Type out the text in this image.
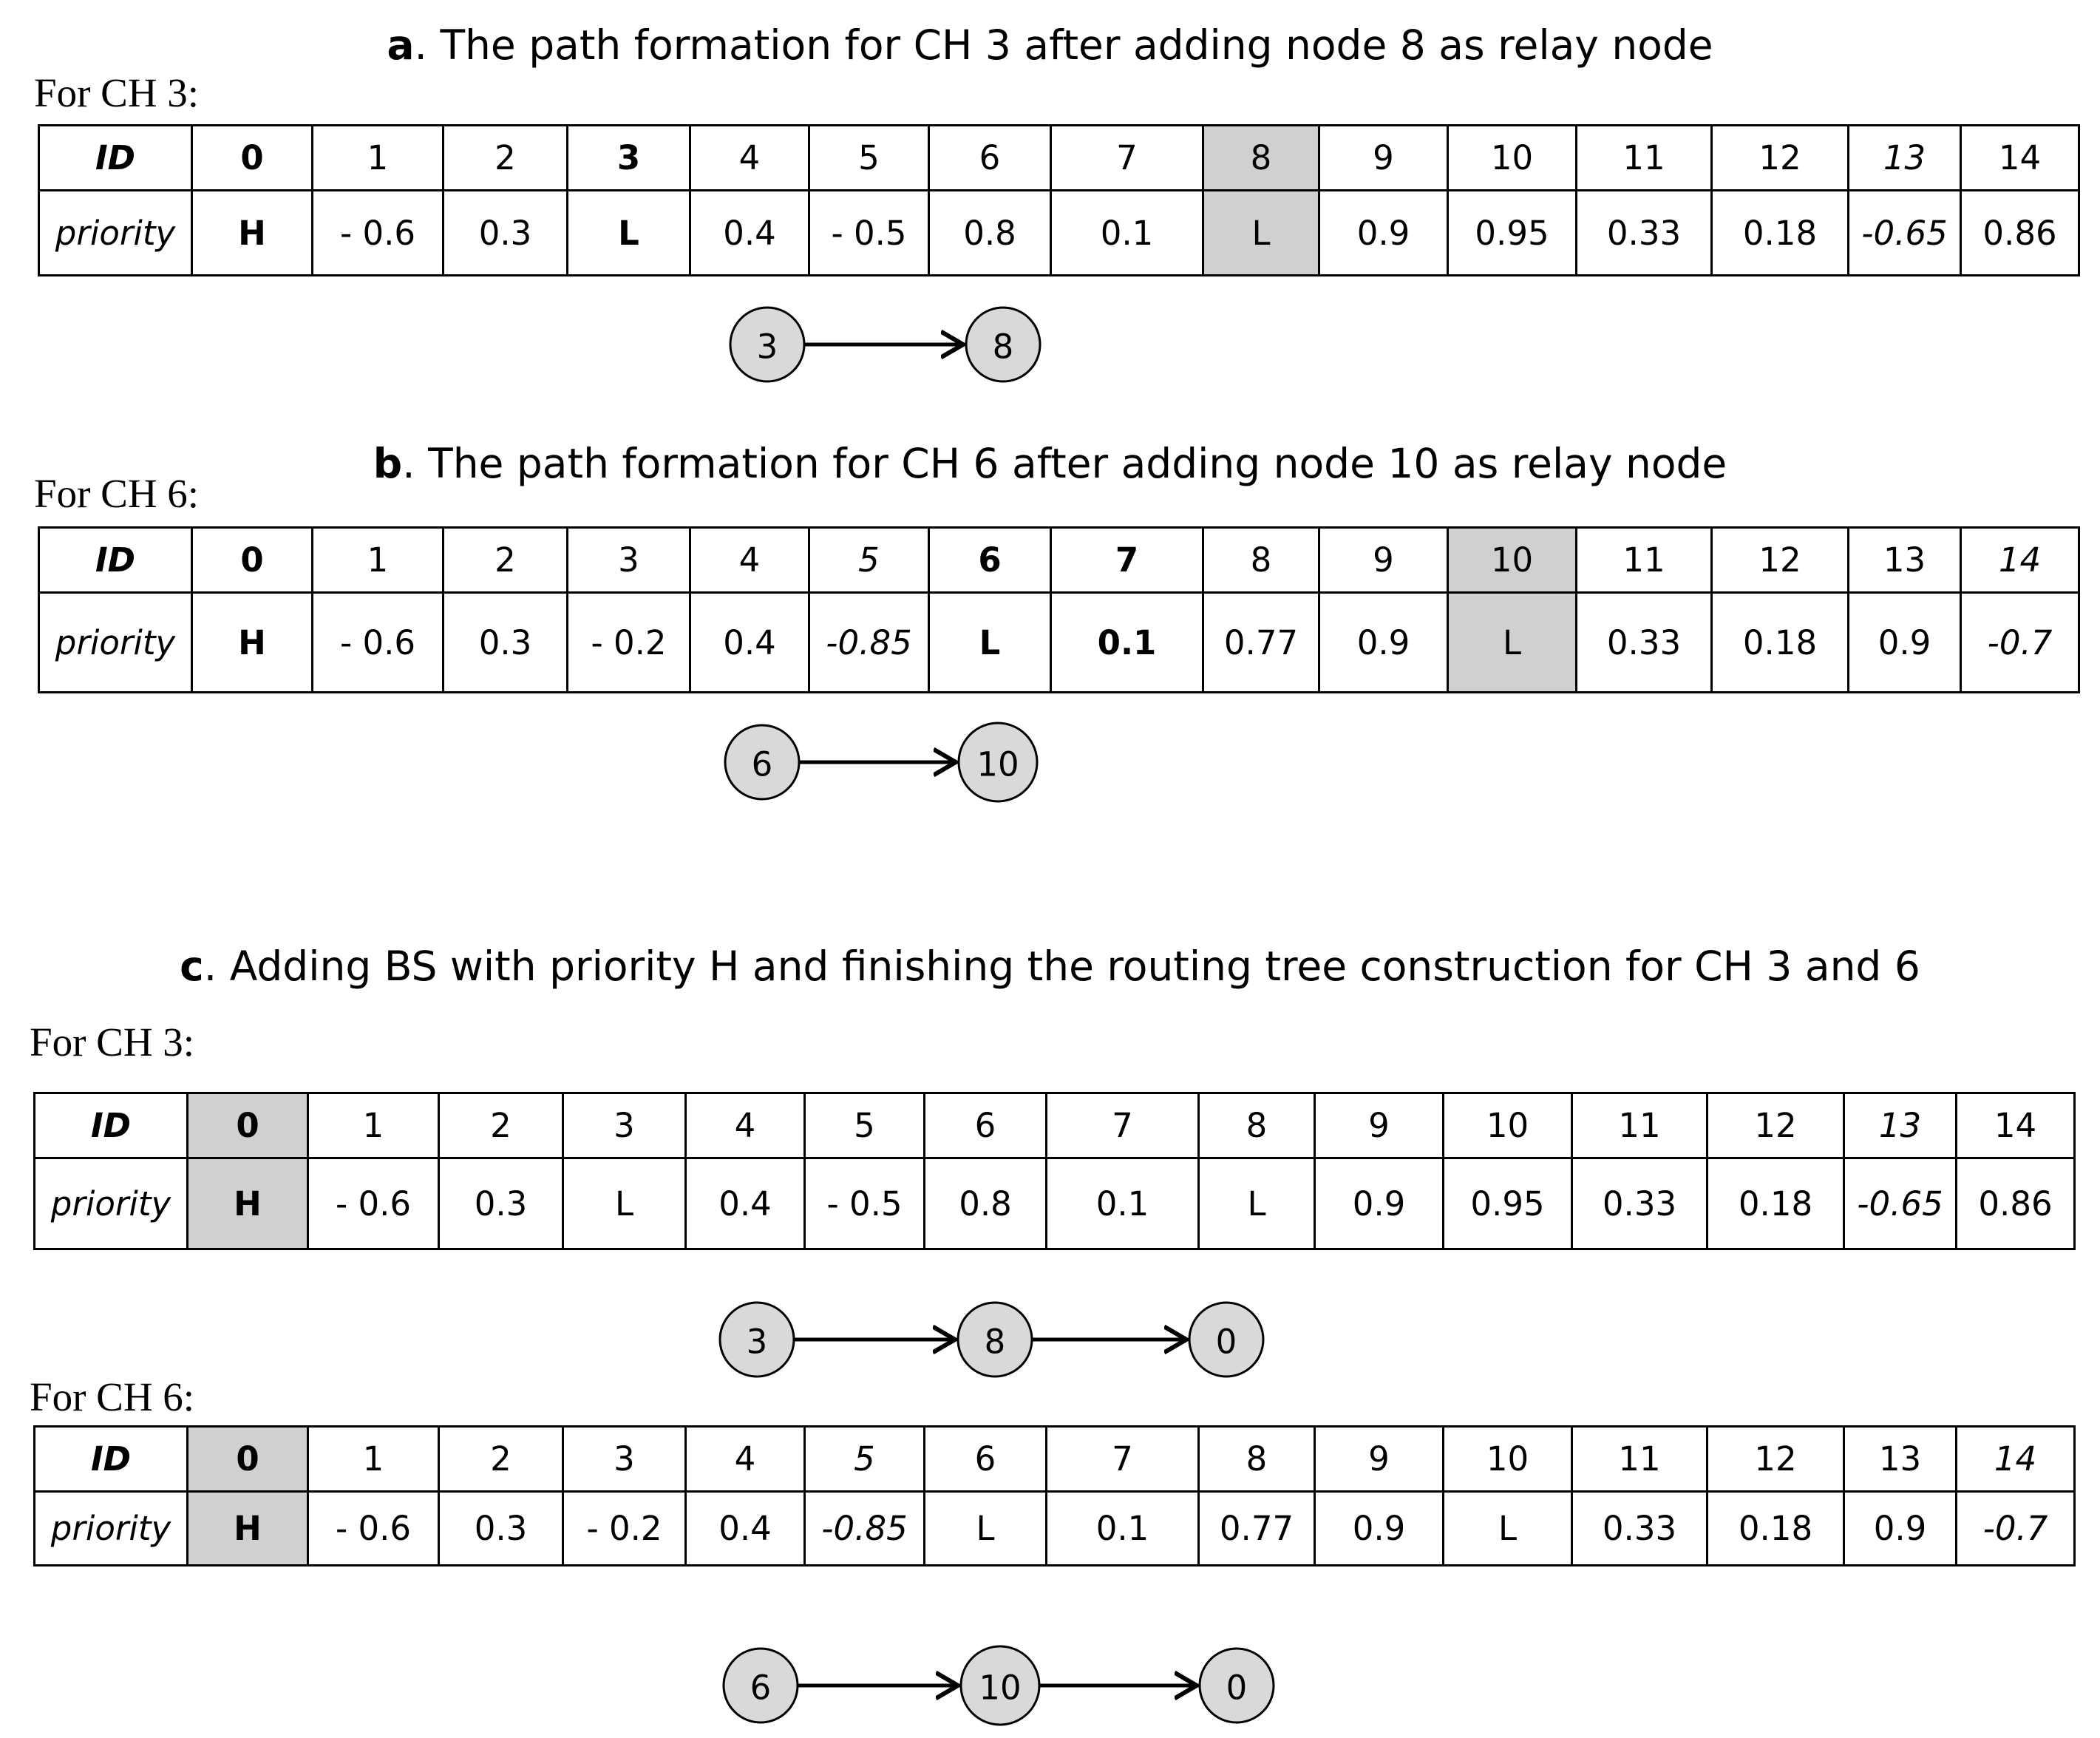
a. The path formation for CH 3 after adding node 8 as relay node
For CH 3:
ID	0	1	2	3	4	5	6	7	8	9	10	11	12	13	14
priority	H	- 0.6	0.3	L	0.4	- 0.5	0.8	0.1	L	0.9	0.95	0.33	0.18	-0.65	0.86
3	8
6	10
3	8	0
6	10	0
b. The path formation for CH 6 after adding node 10 as relay node
For CH 6:
ID	0	1	2	3	4	5	6	7	8	9	10	11	12	13	14
priority	H	- 0.6	0.3	- 0.2	0.4	-0.85	L	0.1	0.77	0.9	L	0.33	0.18	0.9	-0.7
c. Adding BS with priority H and finishing the routing tree construction for CH 3 and 6
For CH 3:
ID	0	1	2	3	4	5	6	7	8	9	10	11	12	13	14
priority	H	- 0.6	0.3	L	0.4	- 0.5	0.8	0.1	L	0.9	0.95	0.33	0.18	-0.65	0.86
For CH 6:
ID	0	1	2	3	4	5	6	7	8	9	10	11	12	13	14
priority	H	- 0.6	0.3	- 0.2	0.4	-0.85	L	0.1	0.77	0.9	L	0.33	0.18	0.9	-0.7
